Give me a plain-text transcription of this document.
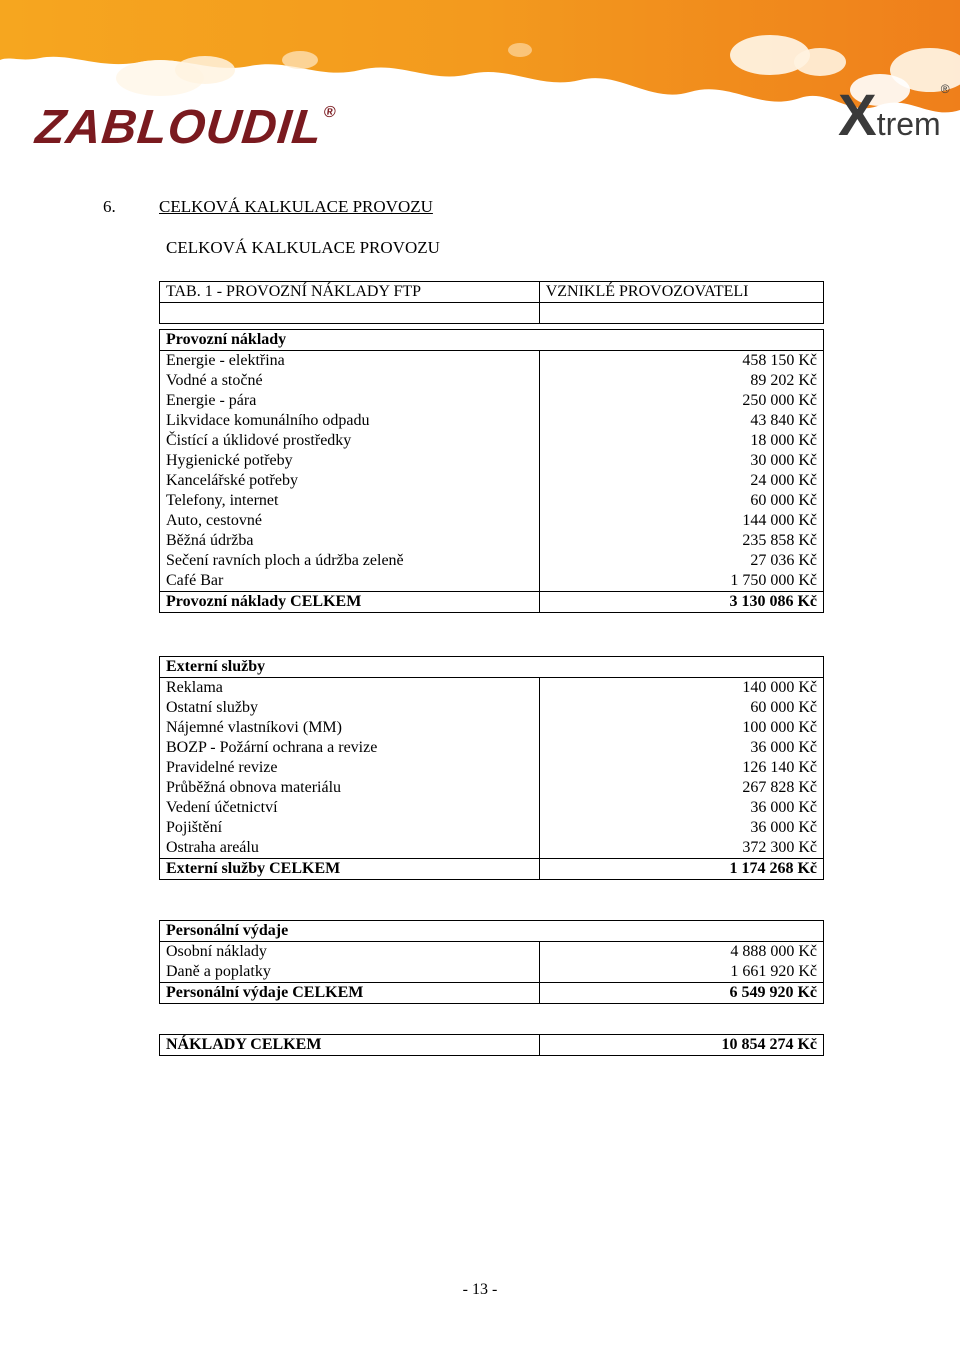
ZABLOUDIL®	Xtrem®
6.	CELKOVÁ KALKULACE PROVOZU
CELKOVÁ KALKULACE PROVOZU
TAB. 1 - PROVOZNÍ NÁKLADY FTP	VZNIKLÉ PROVOZOVATELI

Provozní náklady	
Energie - elektřina	458 150 Kč
Vodné a stočné	89 202 Kč
Energie - pára	250 000 Kč
Likvidace komunálního odpadu	43 840 Kč
Čistící a úklidové prostředky	18 000 Kč
Hygienické potřeby	30 000 Kč
Kancelářské potřeby	24 000 Kč
Telefony, internet	60 000 Kč
Auto, cestovné	144 000 Kč
Běžná údržba	235 858 Kč
Sečení ravních ploch a údržba zeleně	27 036 Kč
Café Bar	1 750 000 Kč
Provozní náklady CELKEM	3 130 086 Kč
Externí služby	
Reklama	140 000 Kč
Ostatní služby	60 000 Kč
Nájemné vlastníkovi (MM)	100 000 Kč
BOZP - Požární ochrana a revize	36 000 Kč
Pravidelné revize	126 140 Kč
Průběžná obnova materiálu	267 828 Kč
Vedení účetnictví	36 000 Kč
Pojištění	36 000 Kč
Ostraha areálu	372 300 Kč
Externí služby CELKEM	1 174 268 Kč
Personální výdaje	
Osobní náklady	4 888 000 Kč
Daně a poplatky	1 661 920 Kč
Personální výdaje CELKEM	6 549 920 Kč
NÁKLADY CELKEM	10 854 274 Kč
- 13 -
